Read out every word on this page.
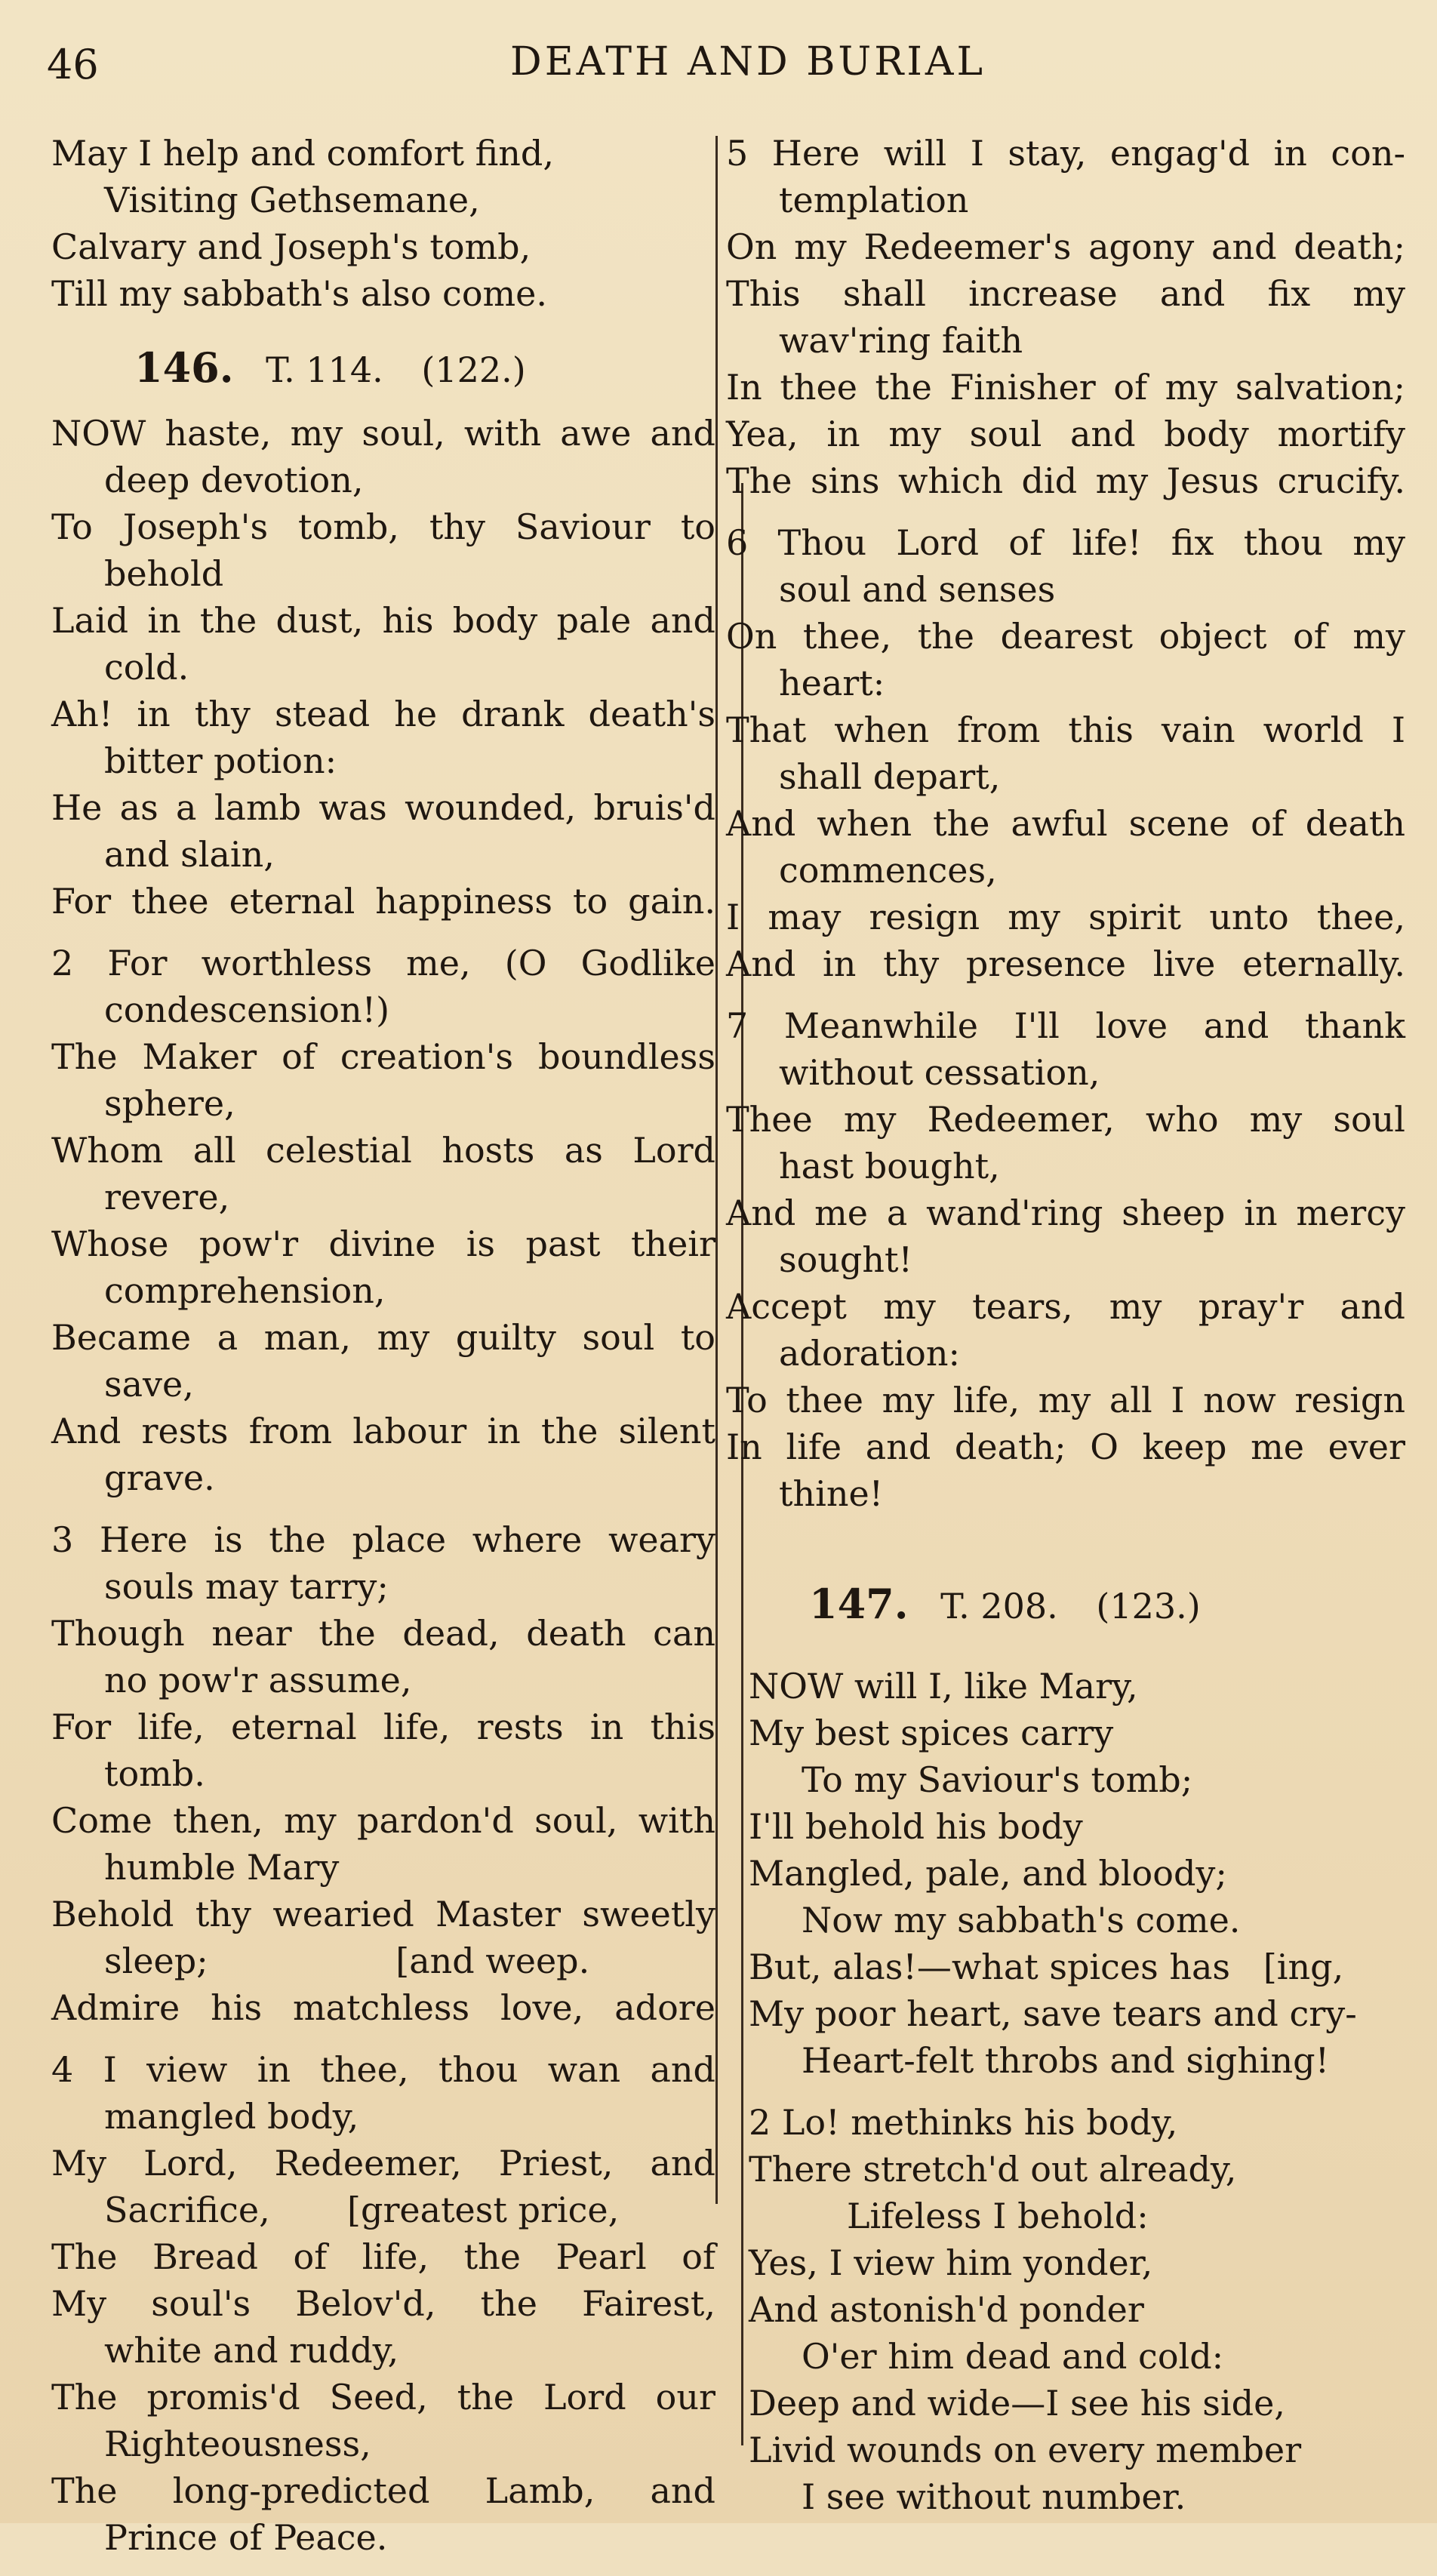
46	DEATH AND BURIAL
May I help and comfort find,
Visiting Gethsemane,
Calvary and Joseph's tomb,
Till my sabbath's also come.
146. T. 114. (122.)
NOW haste, my soul, with awe and
deep devotion,
To Joseph's tomb, thy Saviour to
behold
Laid in the dust, his body pale and
cold.
Ah! in thy stead he drank death's
bitter potion:
He as a lamb was wounded, bruis'd
and slain,
For thee eternal happiness to gain.
2 For worthless me, (O Godlike
condescension!)
The Maker of creation's boundless
sphere,
Whom all celestial hosts as Lord
revere,
Whose pow'r divine is past their
comprehension,
Became a man, my guilty soul to
save,
And rests from labour in the silent
grave.
3 Here is the place where weary
souls may tarry;
Though near the dead, death can
no pow'r assume,
For life, eternal life, rests in this
tomb.
Come then, my pardon'd soul, with
humble Mary
Behold thy wearied Master sweetly
sleep;                 [and weep.
Admire his matchless love, adore
4 I view in thee, thou wan and
mangled body,
My Lord, Redeemer, Priest, and
Sacrifice,       [greatest price,
The Bread of life, the Pearl of
My soul's Belov'd, the Fairest,
white and ruddy,
The promis'd Seed, the Lord our
Righteousness,
The long-predicted Lamb, and
Prince of Peace.
5 Here will I stay, engag'd in con-
templation
On my Redeemer's agony and death;
This shall increase and fix my
wav'ring faith
In thee the Finisher of my salvation;
Yea, in my soul and body mortify
The sins which did my Jesus crucify.
6 Thou Lord of life! fix thou my
soul and senses
On thee, the dearest object of my
heart:
That when from this vain world I
shall depart,
And when the awful scene of death
commences,
I may resign my spirit unto thee,
And in thy presence live eternally.
7 Meanwhile I'll love and thank
without cessation,
Thee my Redeemer, who my soul
hast bought,
And me a wand'ring sheep in mercy
sought!
Accept my tears, my pray'r and
adoration:
To thee my life, my all I now resign
In life and death; O keep me ever
thine!
147. T. 208. (123.)
NOW will I, like Mary,
My best spices carry
To my Saviour's tomb;
I'll behold his body
Mangled, pale, and bloody;
Now my sabbath's come.
But, alas!—what spices has   [ing,
My poor heart, save tears and cry-
Heart-felt throbs and sighing!
2 Lo! methinks his body,
There stretch'd out already,
Lifeless I behold:
Yes, I view him yonder,
And astonish'd ponder
O'er him dead and cold:
Deep and wide—I see his side,
Livid wounds on every member
I see without number.
